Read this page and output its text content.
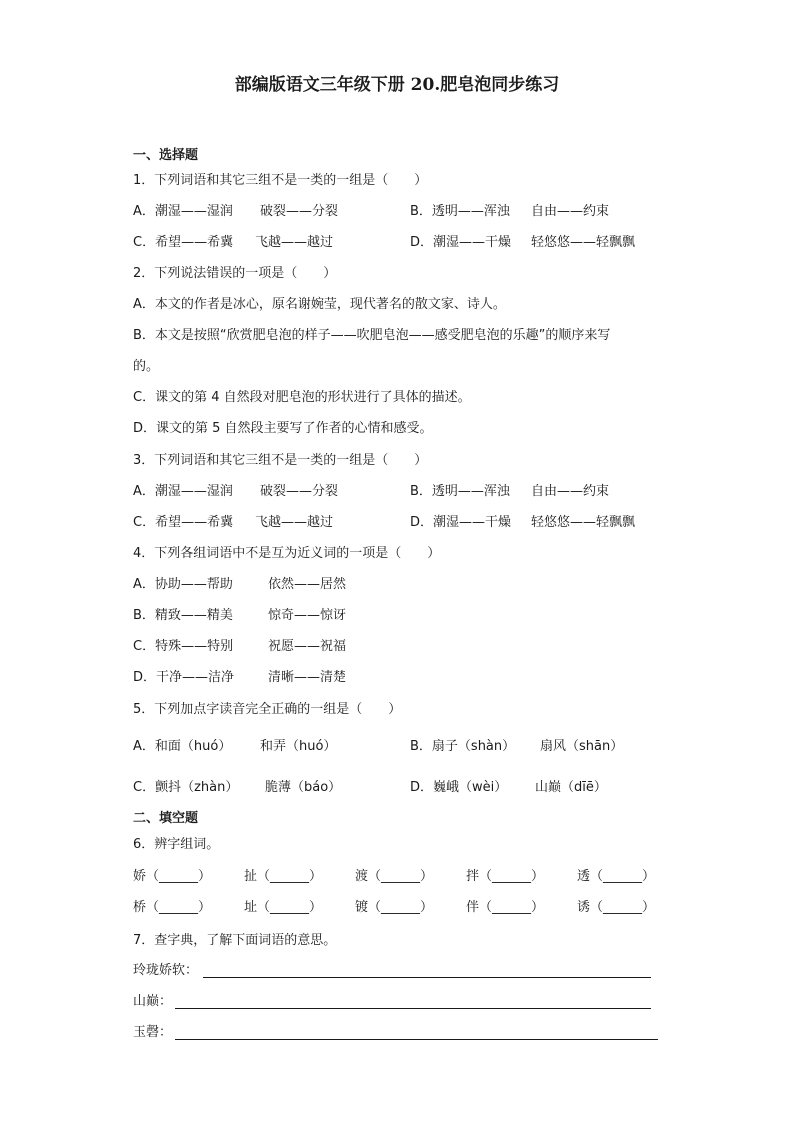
部编版语文三年级下册 20.肥皂泡同步练习
一、选择题
1．下列词语和其它三组不是一类的一组是（　　）
A．潮湿——湿润 破裂——分裂	B．透明——浑浊 自由——约束
C．希望——希冀 飞越——越过	D．潮湿——干燥 轻悠悠——轻飘飘
2．下列说法错误的一项是（　　）
A．本文的作者是冰心，原名谢婉莹，现代著名的散文家、诗人。
B．本文是按照“欣赏肥皂泡的样子——吹肥皂泡——感受肥皂泡的乐趣”的顺序来写
的。
C．课文的第 4 自然段对肥皂泡的形状进行了具体的描述。
D．课文的第 5 自然段主要写了作者的心情和感受。
3．下列词语和其它三组不是一类的一组是（　　）
A．潮湿——湿润 破裂——分裂	B．透明——浑浊 自由——约束
C．希望——希冀 飞越——越过	D．潮湿——干燥 轻悠悠——轻飘飘
4．下列各组词语中不是互为近义词的一项是（　　）
A．协助——帮助	依然——居然
B．精致——精美	惊奇——惊讶
C．特殊——特别	祝愿——祝福
D．干净——洁净	清晰——清楚
5．下列加点字读音完全正确的一组是（　　）
A．和面（huó） 和弄（huó）	B．扇子（shàn） 扇风（shān）
C．颤抖（zhàn） 脆薄（báo）	D．巍峨（wèi） 山巅（dīē）
二、填空题
6．辨字组词。
娇（______）	扯（______）	渡（______）	拌（______）	透（______）
桥（______）	址（______）	镀（______）	伴（______）	诱（______）
7．查字典，了解下面词语的意思。
玲珑娇软：
山巅：
玉磬：
